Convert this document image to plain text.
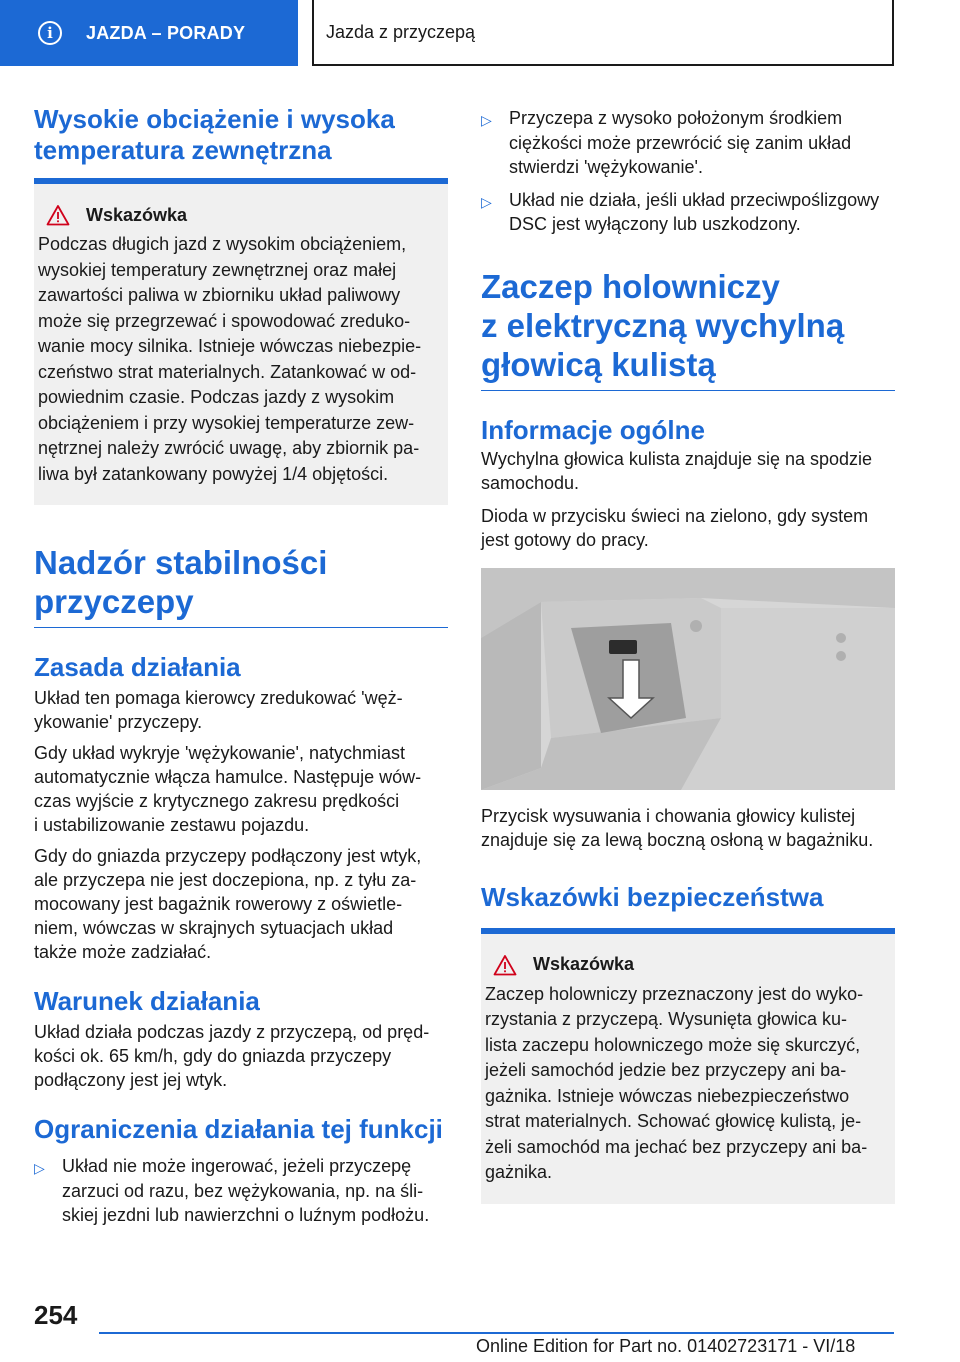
i	JAZDA – PORADY	Jazda z przyczepą
Wysokie obciążenie i wysoka
temperatura zewnętrzna
Wskazówka

Podczas długich jazd z wysokim obciążeniem,
wysokiej temperatury zewnętrznej oraz małej
zawartości paliwa w zbiorniku układ paliwowy
może się przegrzewać i spowodować zreduko-
wanie mocy silnika. Istnieje wówczas niebezpie-
czeństwo strat materialnych. Zatankować w od-
powiednim czasie. Podczas jazdy z wysokim
obciążeniem i przy wysokiej temperaturze zew-
nętrznej należy zwrócić uwagę, aby zbiornik pa-
liwa był zatankowany powyżej 1/4 objętości.

Nadzór stabilności
przyczepy
Zasada działania

Układ ten pomaga kierowcy zredukować 'węż-
ykowanie' przyczepy.

Gdy układ wykryje 'wężykowanie', natychmiast
automatycznie włącza hamulce. Następuje wów-
czas wyjście z krytycznego zakresu prędkości
i ustabilizowanie zestawu pojazdu.

Gdy do gniazda przyczepy podłączony jest wtyk,
ale przyczepa nie jest doczepiona, np. z tyłu za-
mocowany jest bagażnik rowerowy z oświetle-
niem, wówczas w skrajnych sytuacjach układ
także może zadziałać.

Warunek działania

Układ działa podczas jazdy z przyczepą, od pręd-
kości ok. 65 km/h, gdy do gniazda przyczepy
podłączony jest jej wtyk.

Ograniczenia działania tej funkcji
▷ Układ nie może ingerować, jeżeli przyczepę
zarzuci od razu, bez wężykowania, np. na śli-
skiej jezdni lub nawierzchni o luźnym podłożu.
▷ Przyczepa z wysoko położonym środkiem
ciężkości może przewrócić się zanim układ
stwierdzi 'wężykowanie'.
▷ Układ nie działa, jeśli układ przeciwpoślizgowy
DSC jest wyłączony lub uszkodzony.
Zaczep holowniczy
z elektryczną wychylną
głowicą kulistą
Informacje ogólne

Wychylna głowica kulista znajduje się na spodzie
samochodu.

Dioda w przycisku świeci na zielono, gdy system
jest gotowy do pracy.

Przycisk wysuwania i chowania głowicy kulistej
znajduje się za lewą boczną osłoną w bagażniku.

Wskazówki bezpieczeństwa
Wskazówka

Zaczep holowniczy przeznaczony jest do wyko-
rzystania z przyczepą. Wysunięta głowica ku-
lista zaczepu holowniczego może się skurczyć,
jeżeli samochód jedzie bez przyczepy ani ba-
gażnika. Istnieje wówczas niebezpieczeństwo
strat materialnych. Schować głowicę kulistą, je-
żeli samochód ma jechać bez przyczepy ani ba-
gażnika.

254
Online Edition for Part no. 01402723171 - VI/18
